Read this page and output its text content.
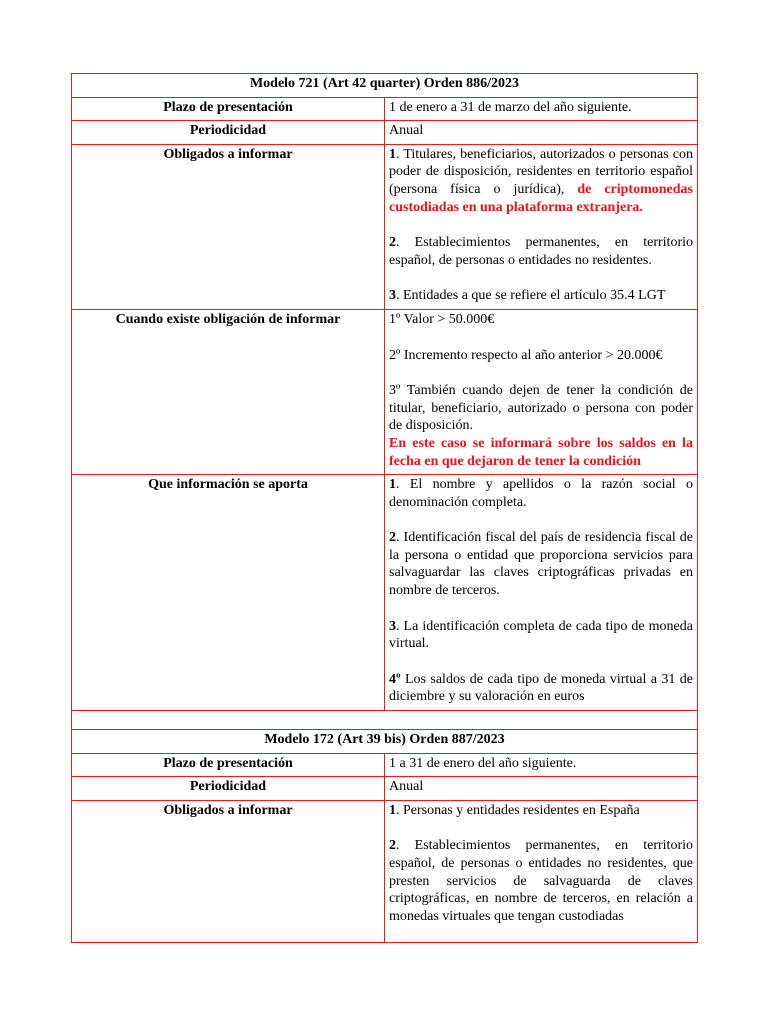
Modelo 721 (Art 42 quarter) Orden 886/2023	
Plazo de presentación	1 de enero a 31 de marzo del año siguiente.
Periodicidad	Anual
Obligados a informar	1. Titulares, beneficiarios, autorizados o personas con poder de disposición, residentes en territorio español (persona física o jurídica), de criptomonedas custodiadas en una plataforma extranjera.

2. Establecimientos permanentes, en territorio español, de personas o entidades no residentes.

3. Entidades a que se refiere el artículo 35.4 LGT

Cuando existe obligación de informar	1º Valor > 50.000€

2º Incremento respecto al año anterior > 20.000€

3º También cuando dejen de tener la condición de titular, beneficiario, autorizado o persona con poder de disposición.
En este caso se informará sobre los saldos en la fecha en que dejaron de tener la condición

Que información se aporta	1. El nombre y apellidos o la razón social o denominación completa.

2. Identificación fiscal del país de residencia fiscal de la persona o entidad que proporciona servicios para salvaguardar las claves criptográficas privadas en nombre de terceros.

3. La identificación completa de cada tipo de moneda virtual.

4º Los saldos de cada tipo de moneda virtual a 31 de diciembre y su valoración en euros

Modelo 172 (Art 39 bis) Orden 887/2023	
Plazo de presentación	1 a 31 de enero del año siguiente.
Periodicidad	Anual
Obligados a informar	1. Personas y entidades residentes en España

2. Establecimientos permanentes, en territorio español, de personas o entidades no residentes, que presten servicios de salvaguarda de claves criptográficas, en nombre de terceros, en relación a monedas virtuales que tengan custodiadas
